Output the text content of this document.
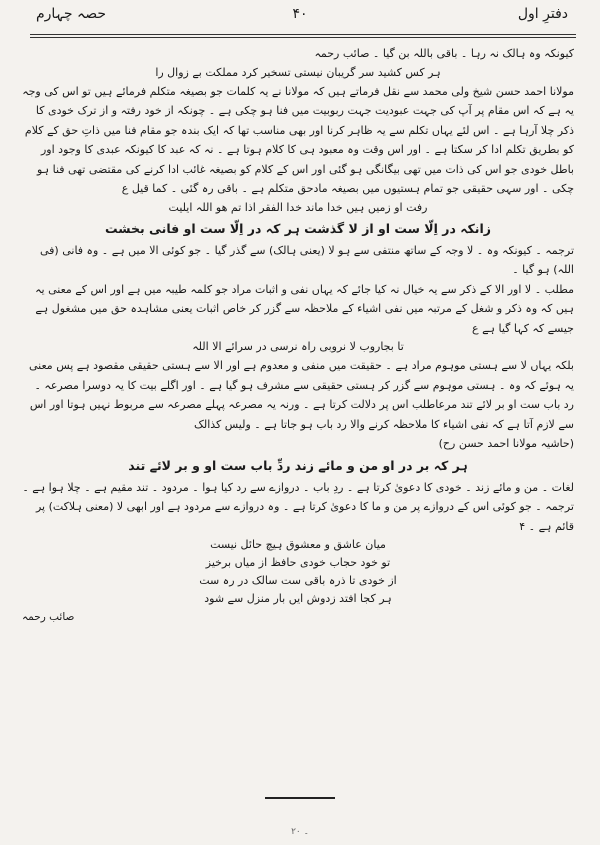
حصہ چہارم	۴۰	دفترِ اول

کیونکہ وہ ہالک نہ رہا ۔ باقی باللہ بن گیا ۔ صائب رحمہ

ہر کس کشید سر گریبان نیستی تسخیر کرد مملکت بے زوال را

مولانا احمد حسن شیخ ولی محمد سے نقل فرماتے ہیں کہ مولانا نے یہ کلمات جو بصیغہ متکلم فرمائے ہیں تو اس کی وجہ یہ ہے کہ اس مقام پر آپ کی جہت عبودیت جہت ربوبیت میں فنا ہو چکی ہے ۔ چونکہ از خود رفتہ و از ترک خودی کا ذکر چلا آرہا ہے ۔ اس لئے یہاں تکلم سے یہ ظاہر کرنا اور بھی مناسب تھا کہ ایک بندہ جو مقام فنا میں ذاتِ حق کے کلام کو بطریق تکلم ادا کر سکتا ہے ۔ اور اس وقت وہ معبود ہی کا کلام ہوتا ہے ۔ نہ کہ عبد کا کیونکہ عبدی کا وجود اور باطل خودی جو اس کی ذات میں تھی بیگانگی ہو گئی اور اس کے کلام کو بصیغہ غائب ادا کرنے کی مقتضی تھی فنا ہو چکی ۔ اور سہی حقیقی جو تمام ہستیوں میں بصیغہ مادحق متکلم ہے ۔ باقی رہ گئی ۔ کما قیل ع

رفت او زمیں ہیں خدا ماند خدا الفقر اذا تم ھو اللہ ایلیت

زانکہ در اِلّا ست او از لا گذشت ہر کہ در اِلّا ست او فانی بخشت

ترجمہ ۔ کیونکہ وہ ۔ لا وجہ کے ساتھ منتفی سے ہو لا (یعنی ہالک) سے گذر گیا ۔ جو کوئی الا میں ہے ۔ وہ فانی (فی اللہ) ہو گیا ۔

مطلب ۔ لا اور الا کے ذکر سے یہ خیال نہ کیا جائے کہ یہاں نفی و اثبات مراد جو کلمہ طیبہ میں ہے اور اس کے معنی یہ ہیں کہ وہ ذکر و شغل کے مرتبہ میں نفی اشیاء کے ملاحظہ سے گزر کر خاص اثبات یعنی مشاہدہ حق میں مشغول ہے جیسے کہ کہا گیا ہے ع

تا بجاروب لا نروبی راہ نرسی در سرائے الا اللہ

بلکہ یہاں لا سے ہستی موہوم مراد ہے ۔ حقیقت میں منفی و معدوم ہے اور الا سے ہستی حقیقی مقصود ہے پس معنی یہ ہوئے کہ وہ ۔ ہستی موہوم سے گزر کر ہستی حقیقی سے مشرف ہو گیا ہے ۔ اور اگلے بیت کا یہ دوسرا مصرعہ ۔

رد باب ست او بر لائے تند مرعاطلب اس پر دلالت کرتا ہے ۔ ورنہ یہ مصرعہ پہلے مصرعہ سے مربوط نہیں ہوتا اور اس سے لازم آتا ہے کہ نفی اشیاء کا ملاحظہ کرنے والا رد باب ہو جاتا ہے ۔ ولیس کذالک

(حاشیہ مولانا احمد حسن رح)

ہر کہ بر در او من و مائے زند ردِّ باب ست او و بر لائے تند

لغات ۔ من و مائے زند ۔ خودی کا دعویٰ کرتا ہے ۔ ردِ باب ۔ دروازے سے رد کیا ہوا ۔ مردود ۔ تند مقیم ہے ۔ چلا ہوا ہے ۔

ترجمہ ۔ جو کوئی اس کے دروازے پر من و ما کا دعویٰ کرتا ہے ۔ وہ دروازے سے مردود ہے اور ابھی لا (معنی ہلاکت) پر قائم ہے ۔ ۴

میان عاشق و معشوق ہیچ حائل نیست

تو خود حجاب خودی حافظ از میاں برخیز

از خودی تا ذرہ باقی ست سالک در رہ ست

ہر کجا افتد زدوش ایں بار منزل سے شود

صائب رحمہ

۔ ۲۰
